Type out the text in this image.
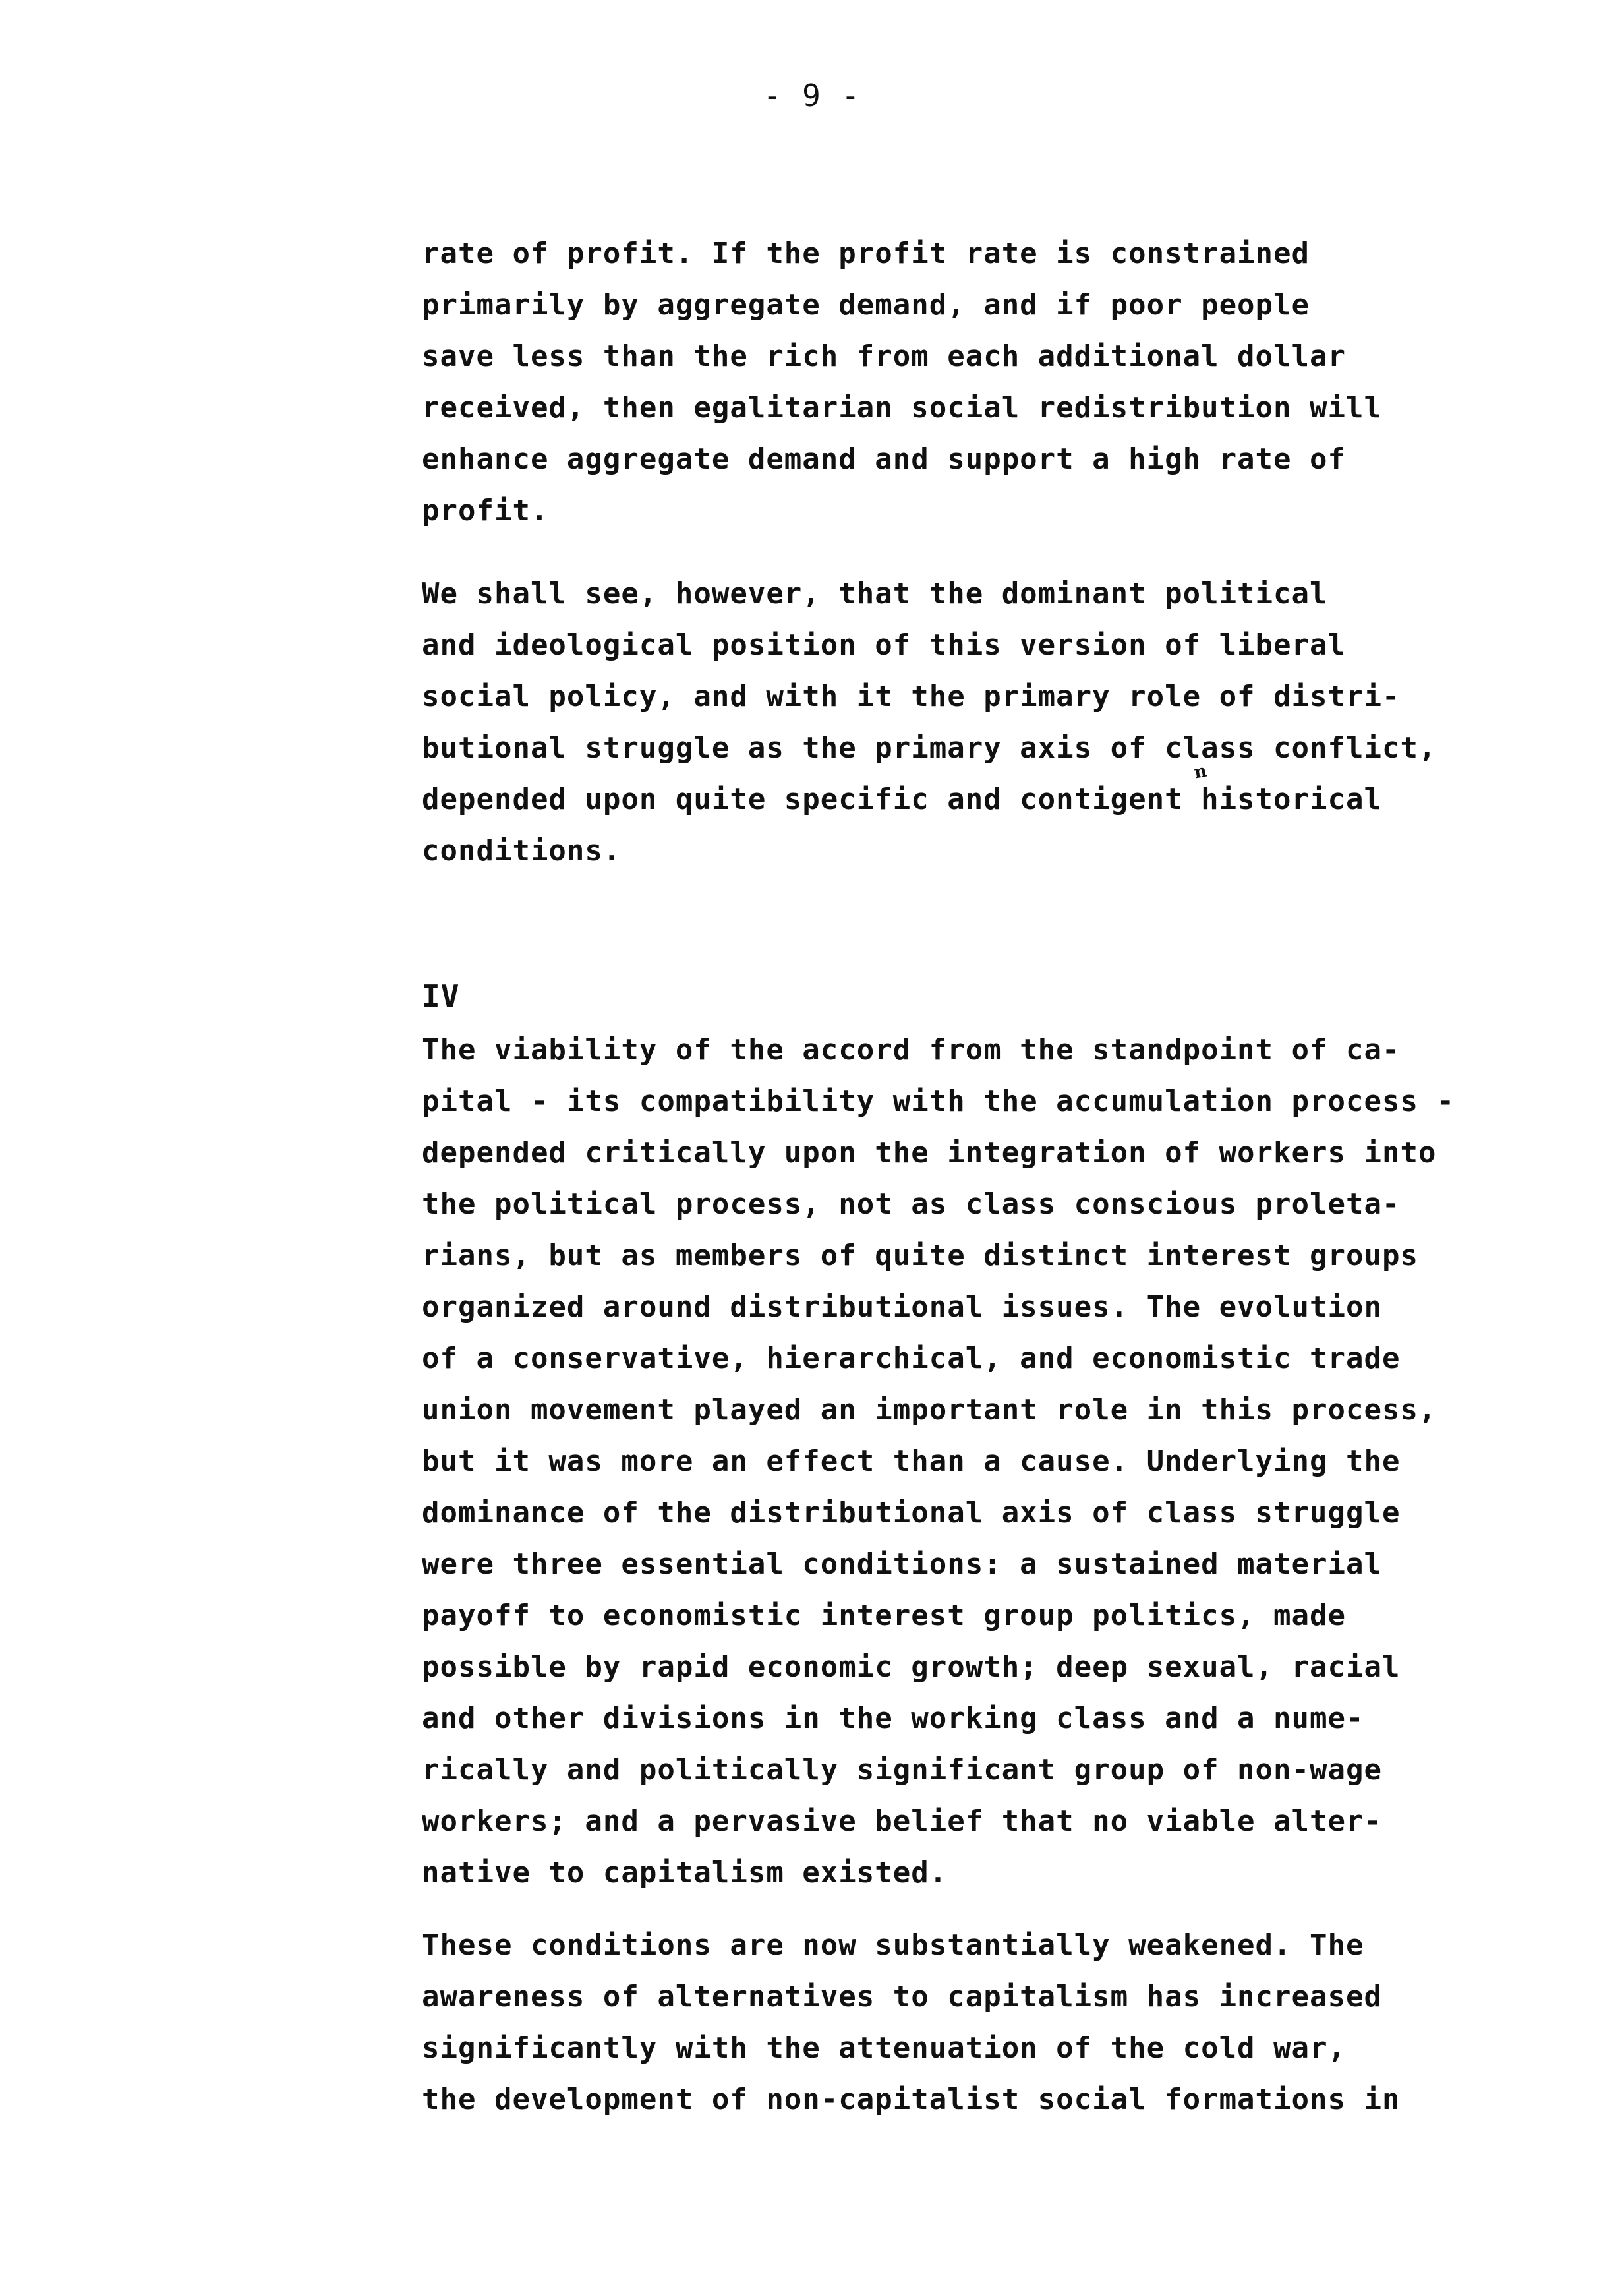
- 9 -
rate of profit. If the profit rate is constrained
primarily by aggregate demand, and if poor people
save less than the rich from each additional dollar
received, then egalitarian social redistribution will
enhance aggregate demand and support a high rate of
profit.
We shall see, however, that the dominant political
and ideological position of this version of liberal
social policy, and with it the primary role of distri-
butional struggle as the primary axis of class conflict,
depended upon quite specific and contigent historical
conditions.
n
IV
The viability of the accord from the standpoint of ca-
pital - its compatibility with the accumulation process -
depended critically upon the integration of workers into
the political process, not as class conscious proleta-
rians, but as members of quite distinct interest groups
organized around distributional issues. The evolution
of a conservative, hierarchical, and economistic trade
union movement played an important role in this process,
but it was more an effect than a cause. Underlying the
dominance of the distributional axis of class struggle
were three essential conditions: a sustained material
payoff to economistic interest group politics, made
possible by rapid economic growth; deep sexual, racial
and other divisions in the working class and a nume-
rically and politically significant group of non-wage
workers; and a pervasive belief that no viable alter-
native to capitalism existed.
These conditions are now substantially weakened. The
awareness of alternatives to capitalism has increased
significantly with the attenuation of the cold war,
the development of non-capitalist social formations in
